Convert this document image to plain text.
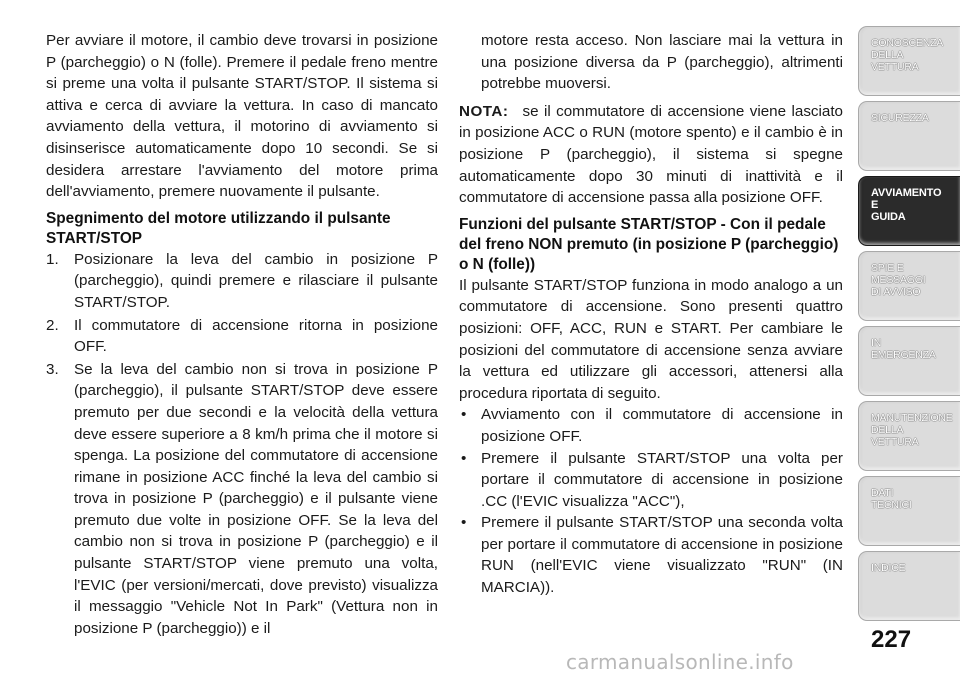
Per avviare il motore, il cambio deve trovarsi in posizione P (parcheggio) o N (folle). Premere il pedale freno mentre si preme una volta il pulsante START/STOP. Il sistema si attiva e cerca di avviare la vettura. In caso di mancato avviamento della vettura, il motorino di avviamento si disinserisce automaticamente dopo 10 secondi. Se si desidera arrestare l'avviamento del motore prima dell'avviamento, premere nuovamente il pulsante.

Spegnimento del motore utilizzando il pulsante START/STOP
1. Posizionare la leva del cambio in posizione P (parcheggio), quindi premere e rilasciare il pulsante START/STOP.
2. Il commutatore di accensione ritorna in posizione OFF.
3. Se la leva del cambio non si trova in posizione P (parcheggio), il pulsante START/STOP deve essere premuto per due secondi e la velocità della vettura deve essere superiore a 8 km/h prima che il motore si spenga. La posizione del commutatore di accensione rimane in posizione ACC finché la leva del cambio si trova in posizione P (parcheggio) e il pulsante viene premuto due volte in posizione OFF. Se la leva del cambio non si trova in posizione P (parcheggio) e il pulsante START/STOP viene premuto una volta, l'EVIC (per versioni/mercati, dove previsto) visualizza il messaggio "Vehicle Not In Park" (Vettura non in posizione P (parcheggio)) e il

motore resta acceso. Non lasciare mai la vettura in una posizione diversa da P (parcheggio), altrimenti potrebbe muoversi.

NOTA: se il commutatore di accensione viene lasciato in posizione ACC o RUN (motore spento) e il cambio è in posizione P (parcheggio), il sistema si spegne automaticamente dopo 30 minuti di inattività e il commutatore di accensione passa alla posizione OFF.

Funzioni del pulsante START/STOP - Con il pedale del freno NON premuto (in posizione P (parcheggio) o N (folle))

Il pulsante START/STOP funziona in modo analogo a un commutatore di accensione. Sono presenti quattro posizioni: OFF, ACC, RUN e START. Per cambiare le posizioni del commutatore di accensione senza avviare la vettura ed utilizzare gli accessori, attenersi alla procedura riportata di seguito.

• Avviamento con il commutatore di accensione in posizione OFF.
• Premere il pulsante START/STOP una volta per portare il commutatore di accensione in posizione .CC (l'EVIC visualizza "ACC"),
• Premere il pulsante START/STOP una seconda volta per portare il commutatore di accensione in posizione RUN (nell'EVIC viene visualizzato "RUN" (IN MARCIA)).
CONOSCENZA
DELLA
VETTURA
SICUREZZA
AVVIAMENTO
E
GUIDA
SPIE E
MESSAGGI
DI AVVISO
IN
EMERGENZA
MANUTENZIONE
DELLA
VETTURA
DATI
TECNICI
INDICE
227
carmanualsonline.info
